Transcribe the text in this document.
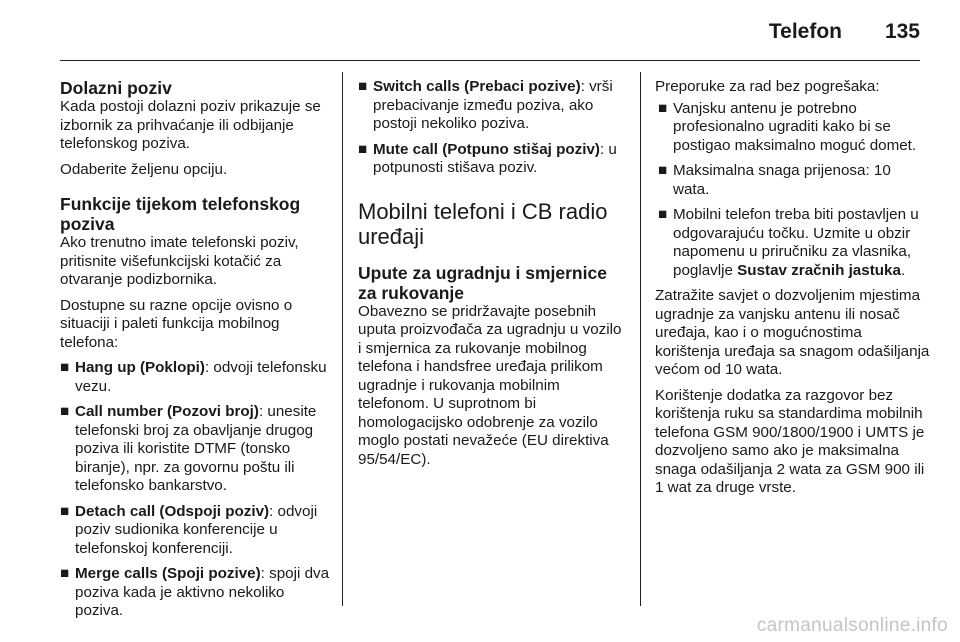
Telefon 135
Dolazni poziv

Kada postoji dolazni poziv prikazuje se izbornik za prihvaćanje ili odbijanje telefonskog poziva.

Odaberite željenu opciju.

Funkcije tijekom telefonskog poziva

Ako trenutno imate telefonski poziv, pritisnite višefunkcijski kotačić za otvaranje podizbornika.

Dostupne su razne opcije ovisno o situaciji i paleti funkcija mobilnog telefona:

■ Hang up (Poklopi): odvoji telefonsku vezu.
■ Call number (Pozovi broj): unesite telefonski broj za obavljanje drugog poziva ili koristite DTMF (tonsko biranje), npr. za govornu poštu ili telefonsko bankarstvo.
■ Detach call (Odspoji poziv): odvoji poziv sudionika konferencije u telefonskoj konferenciji.
■ Merge calls (Spoji pozive): spoji dva poziva kada je aktivno nekoliko poziva.
■ Switch calls (Prebaci pozive): vrši prebacivanje između poziva, ako postoji nekoliko poziva.
■ Mute call (Potpuno stišaj poziv): u potpunosti stišava poziv.
Mobilni telefoni i CB radio uređaji
Upute za ugradnju i smjernice za rukovanje

Obavezno se pridržavajte posebnih uputa proizvođača za ugradnju u vozilo i smjernica za rukovanje mobilnog telefona i handsfree uređaja prilikom ugradnje i rukovanja mobilnim telefonom. U suprotnom bi homologacijsko odobrenje za vozilo moglo postati nevažeće (EU direktiva 95/54/EC).

Preporuke za rad bez pogrešaka:

■ Vanjsku antenu je potrebno profesionalno ugraditi kako bi se postigao maksimalno moguć domet.
■ Maksimalna snaga prijenosa: 10 wata.
■ Mobilni telefon treba biti postavljen u odgovarajuću točku. Uzmite u obzir napomenu u priručniku za vlasnika, poglavlje Sustav zračnih jastuka.

Zatražite savjet o dozvoljenim mjestima ugradnje za vanjsku antenu ili nosač uređaja, kao i o mogućnostima korištenja uređaja sa snagom odašiljanja većom od 10 wata.

Korištenje dodatka za razgovor bez korištenja ruku sa standardima mobilnih telefona GSM 900/1800/1900 i UMTS je dozvoljeno samo ako je maksimalna snaga odašiljanja 2 wata za GSM 900 ili 1 wat za druge vrste.

carmanualsonline.info
